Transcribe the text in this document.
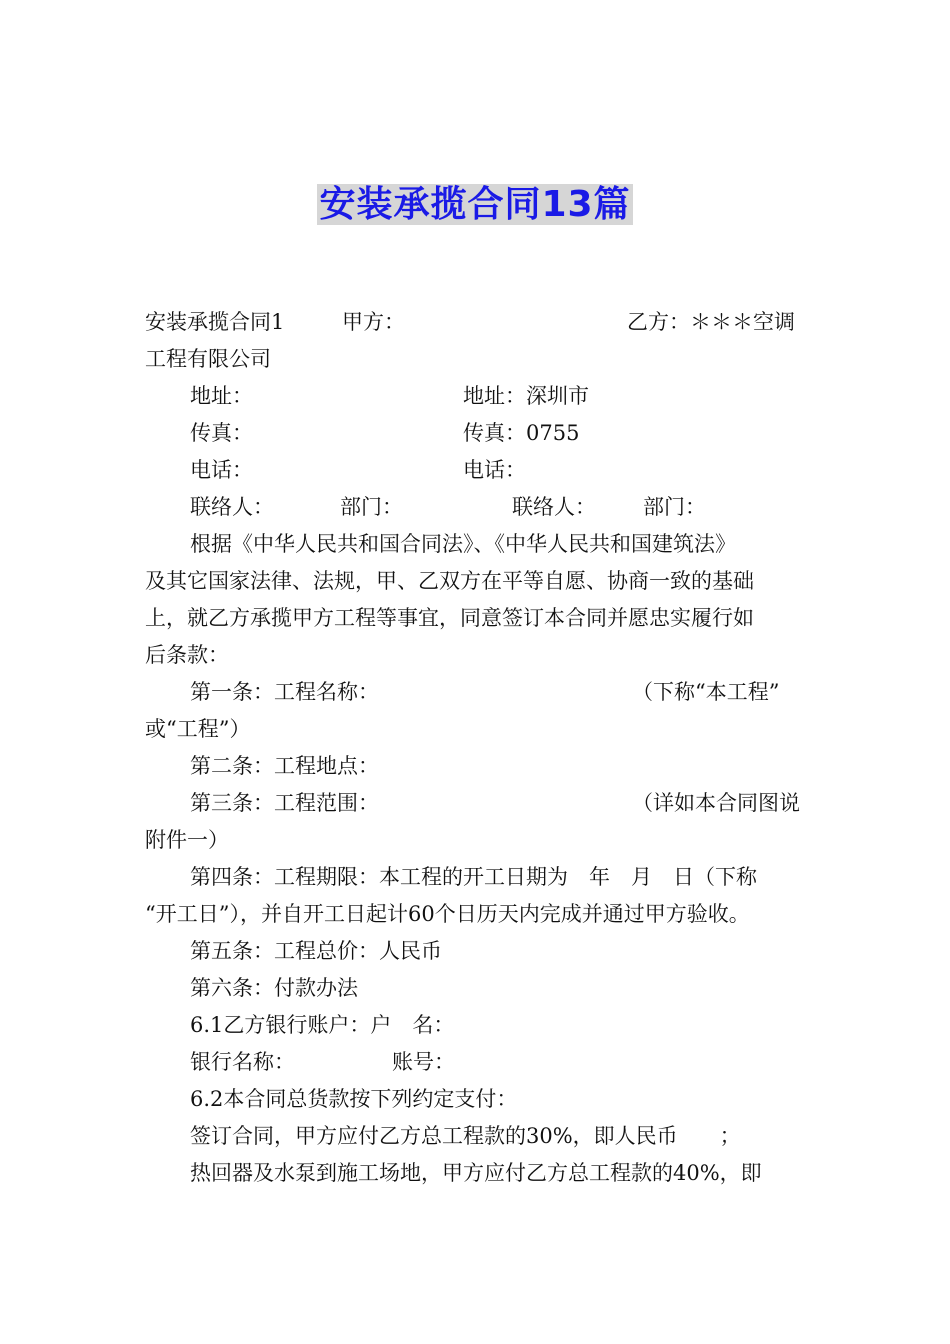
安装承揽合同13篇
安装承揽合同1	甲方：	乙方：＊＊＊空调
工程有限公司
地址：	地址：深圳市
传真：	传真：0755
电话：	电话：
联络人：	部门：	联络人： 部门：
根据《中华人民共和国合同法》、《中华人民共和国建筑法》
及其它国家法律、法规，甲、乙双方在平等自愿、协商一致的基础
上，就乙方承揽甲方工程等事宜，同意签订本合同并愿忠实履行如
后条款：
第一条：工程名称：	（下称“本工程”
或“工程”）
第二条：工程地点：
第三条：工程范围：	（详如本合同图说
附件一）
第四条：工程期限：本工程的开工日期为　年　月　日（下称
“开工日”），并自开工日起计60个日历天内完成并通过甲方验收。
第五条：工程总价：人民币
第六条：付款办法
6.1乙方银行账户：户　名：
银行名称：	账号：
6.2本合同总货款按下列约定支付：
签订合同，甲方应付乙方总工程款的30%，即人民币　　；
热回器及水泵到施工场地，甲方应付乙方总工程款的40%，即
